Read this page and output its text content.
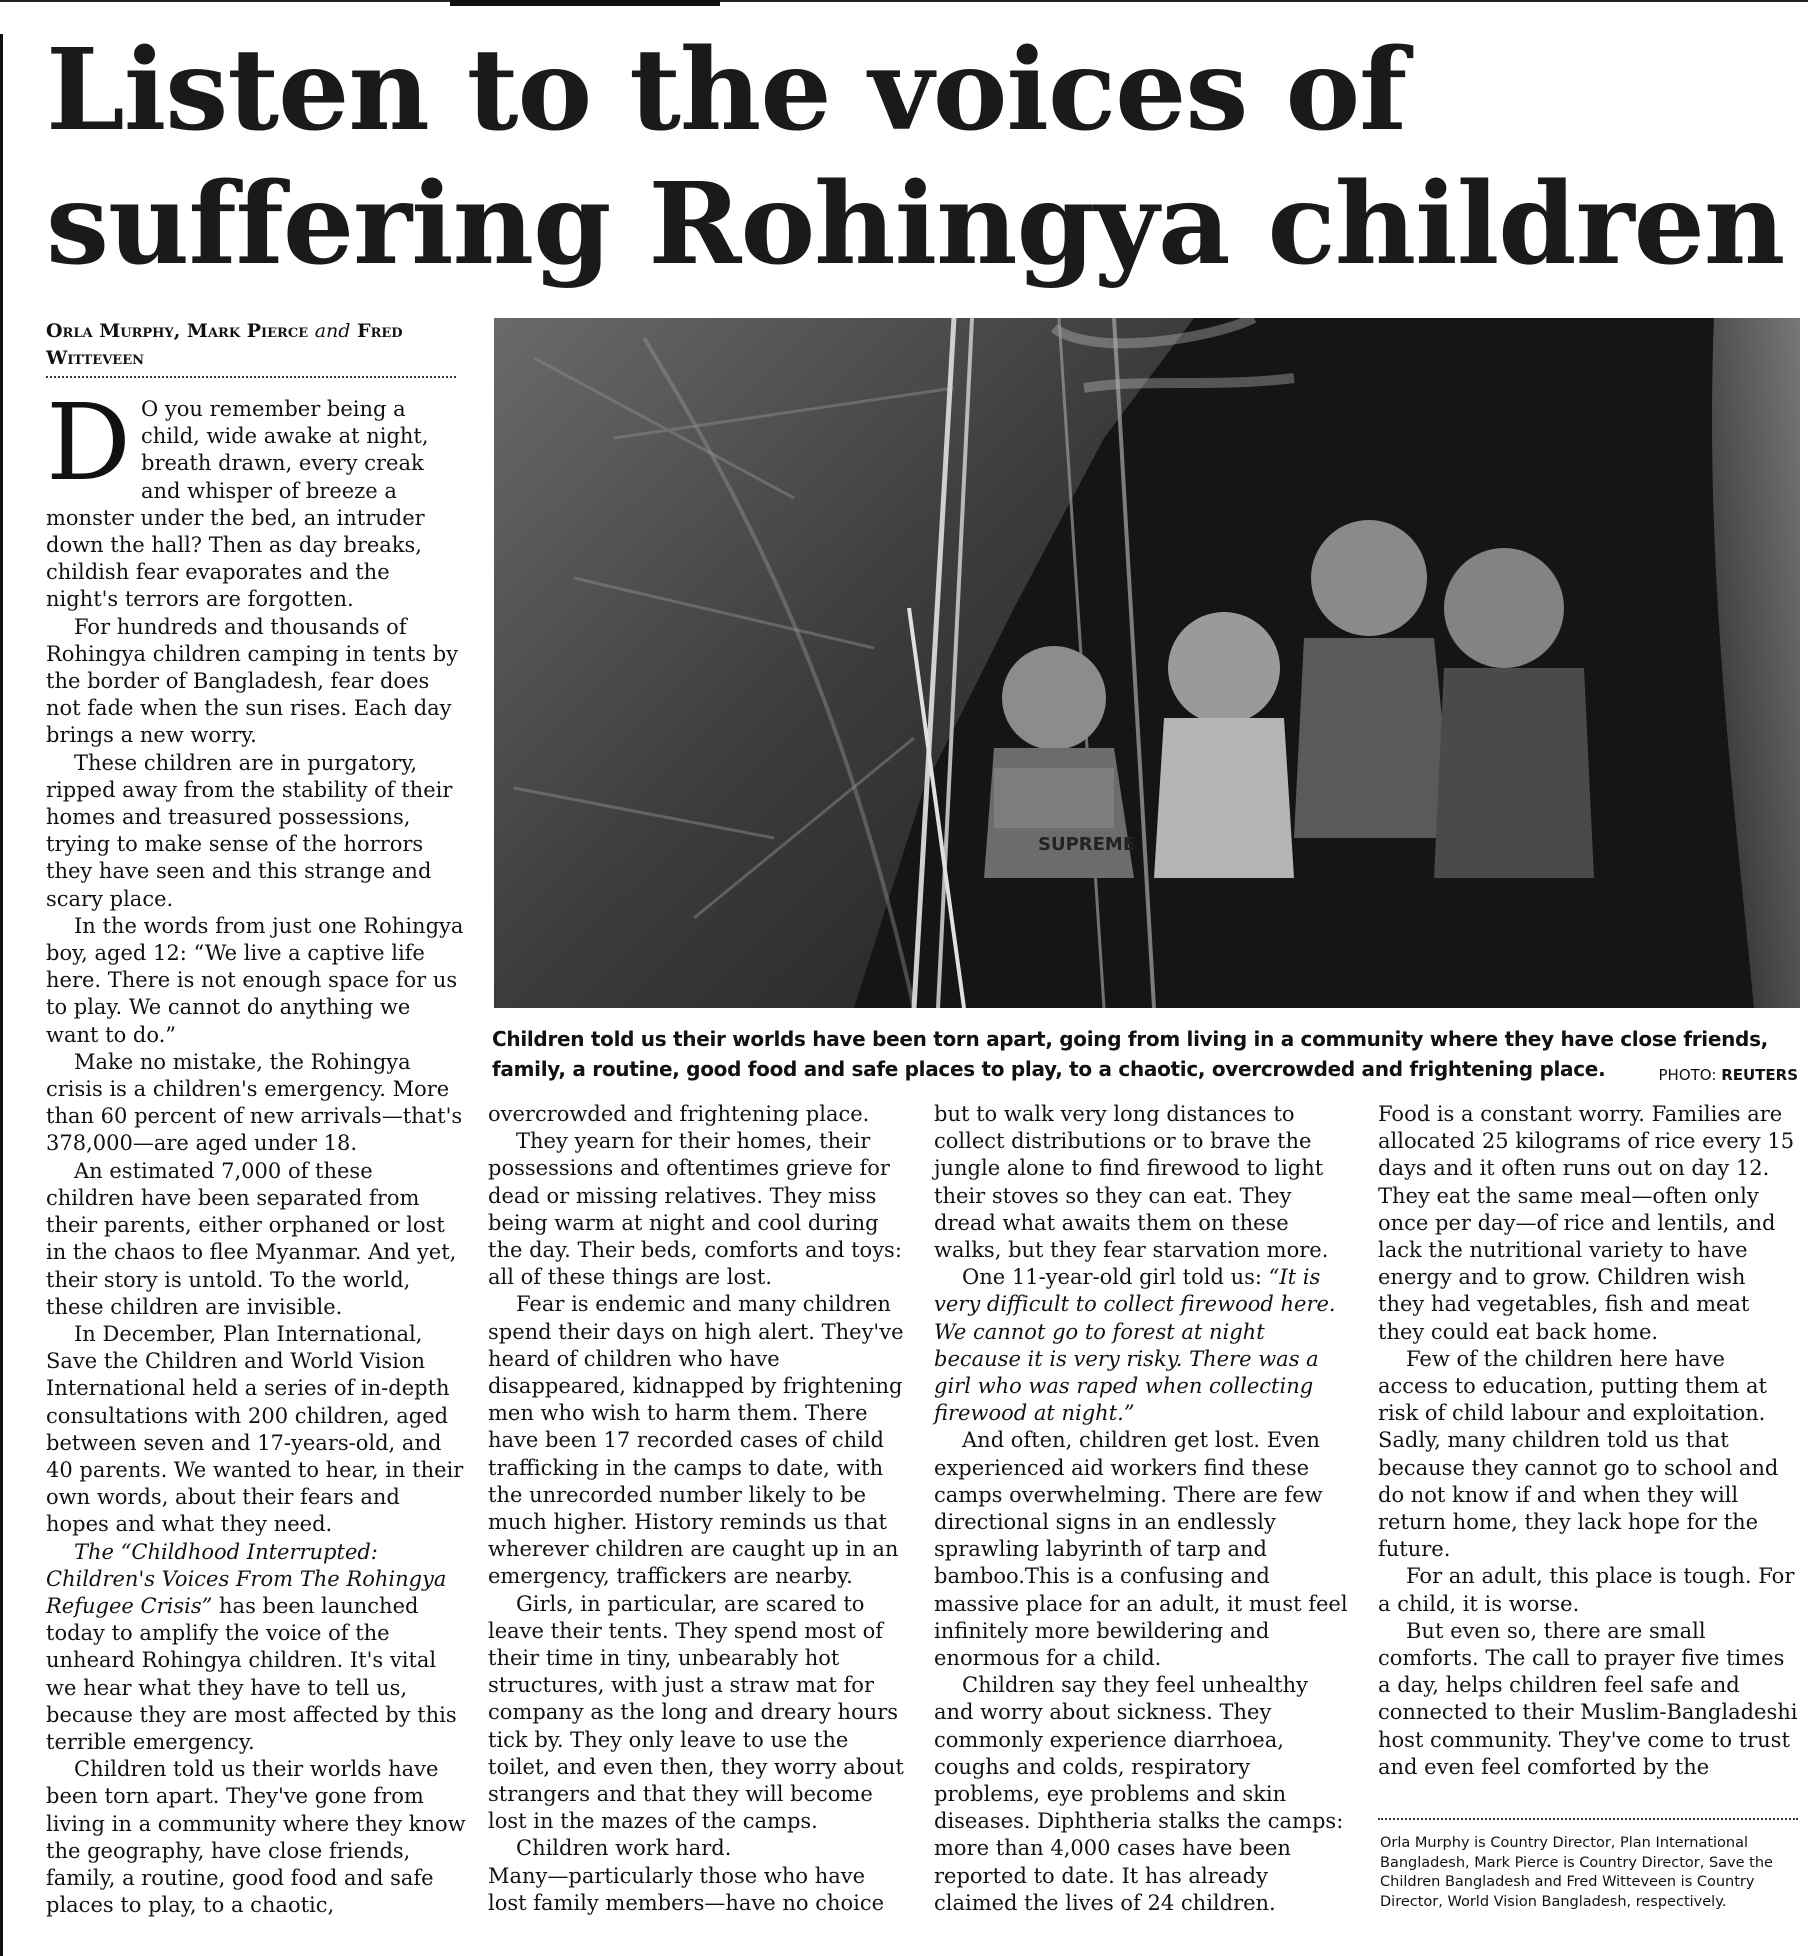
Listen to the voices of suffering Rohingya children
Orla Murphy, Mark Pierce and Fred Witteveen
SUPREME
Children told us their worlds have been torn apart, going from living in a community where they have close friends, family, a routine, good food and safe places to play, to a chaotic, overcrowded and frightening place.	PHOTO: REUTERS

D O you remember being a child, wide awake at night, breath drawn, every creak and whisper of breeze a monster under the bed, an intruder down the hall? Then as day breaks, childish fear evaporates and the night's terrors are forgotten.

For hundreds and thousands of Rohingya children camping in tents by the border of Bangladesh, fear does not fade when the sun rises. Each day brings a new worry.

These children are in purgatory, ripped away from the stability of their homes and treasured possessions, trying to make sense of the horrors they have seen and this strange and scary place.

In the words from just one Rohingya boy, aged 12: “We live a captive life here. There is not enough space for us to play. We cannot do anything we want to do.”

Make no mistake, the Rohingya crisis is a children's emergency. More than 60 percent of new arrivals—that's 378,000—are aged under 18.

An estimated 7,000 of these children have been separated from their parents, either orphaned or lost in the chaos to flee Myanmar. And yet, their story is untold. To the world, these children are invisible.

In December, Plan International, Save the Children and World Vision International held a series of in-depth consultations with 200 children, aged between seven and 17-years-old, and 40 parents. We wanted to hear, in their own words, about their fears and hopes and what they need.

The “Childhood Interrupted: Children's Voices From The Rohingya Refugee Crisis” has been launched today to amplify the voice of the unheard Rohingya children. It's vital we hear what they have to tell us, because they are most affected by this terrible emergency.

Children told us their worlds have been torn apart. They've gone from living in a community where they know the geography, have close friends, family, a routine, good food and safe places to play, to a chaotic,

overcrowded and frightening place.

They yearn for their homes, their possessions and oftentimes grieve for dead or missing relatives. They miss being warm at night and cool during the day. Their beds, comforts and toys: all of these things are lost.

Fear is endemic and many children spend their days on high alert. They've heard of children who have disappeared, kidnapped by frightening men who wish to harm them. There have been 17 recorded cases of child trafficking in the camps to date, with the unrecorded number likely to be much higher. History reminds us that wherever children are caught up in an emergency, traffickers are nearby.

Girls, in particular, are scared to leave their tents. They spend most of their time in tiny, unbearably hot structures, with just a straw mat for company as the long and dreary hours tick by. They only leave to use the toilet, and even then, they worry about strangers and that they will become lost in the mazes of the camps.

Children work hard.

Many—particularly those who have lost family members—have no choice

but to walk very long distances to collect distributions or to brave the jungle alone to find firewood to light their stoves so they can eat. They dread what awaits them on these walks, but they fear starvation more.

One 11-year-old girl told us: “It is very difficult to collect firewood here. We cannot go to forest at night because it is very risky. There was a girl who was raped when collecting firewood at night.”

And often, children get lost. Even experienced aid workers find these camps overwhelming. There are few directional signs in an endlessly sprawling labyrinth of tarp and bamboo.This is a confusing and massive place for an adult, it must feel infinitely more bewildering and enormous for a child.

Children say they feel unhealthy and worry about sickness. They commonly experience diarrhoea, coughs and colds, respiratory problems, eye problems and skin diseases. Diphtheria stalks the camps: more than 4,000 cases have been reported to date. It has already claimed the lives of 24 children.

Food is a constant worry. Families are allocated 25 kilograms of rice every 15 days and it often runs out on day 12. They eat the same meal—often only once per day—of rice and lentils, and lack the nutritional variety to have energy and to grow. Children wish they had vegetables, fish and meat they could eat back home.

Few of the children here have access to education, putting them at risk of child labour and exploitation. Sadly, many children told us that because they cannot go to school and do not know if and when they will return home, they lack hope for the future.

For an adult, this place is tough. For a child, it is worse.

But even so, there are small comforts. The call to prayer five times a day, helps children feel safe and connected to their Muslim-Bangladeshi host community. They've come to trust and even feel comforted by the

Orla Murphy is Country Director, Plan International Bangladesh, Mark Pierce is Country Director, Save the Children Bangladesh and Fred Witteveen is Country Director, World Vision Bangladesh, respectively.
